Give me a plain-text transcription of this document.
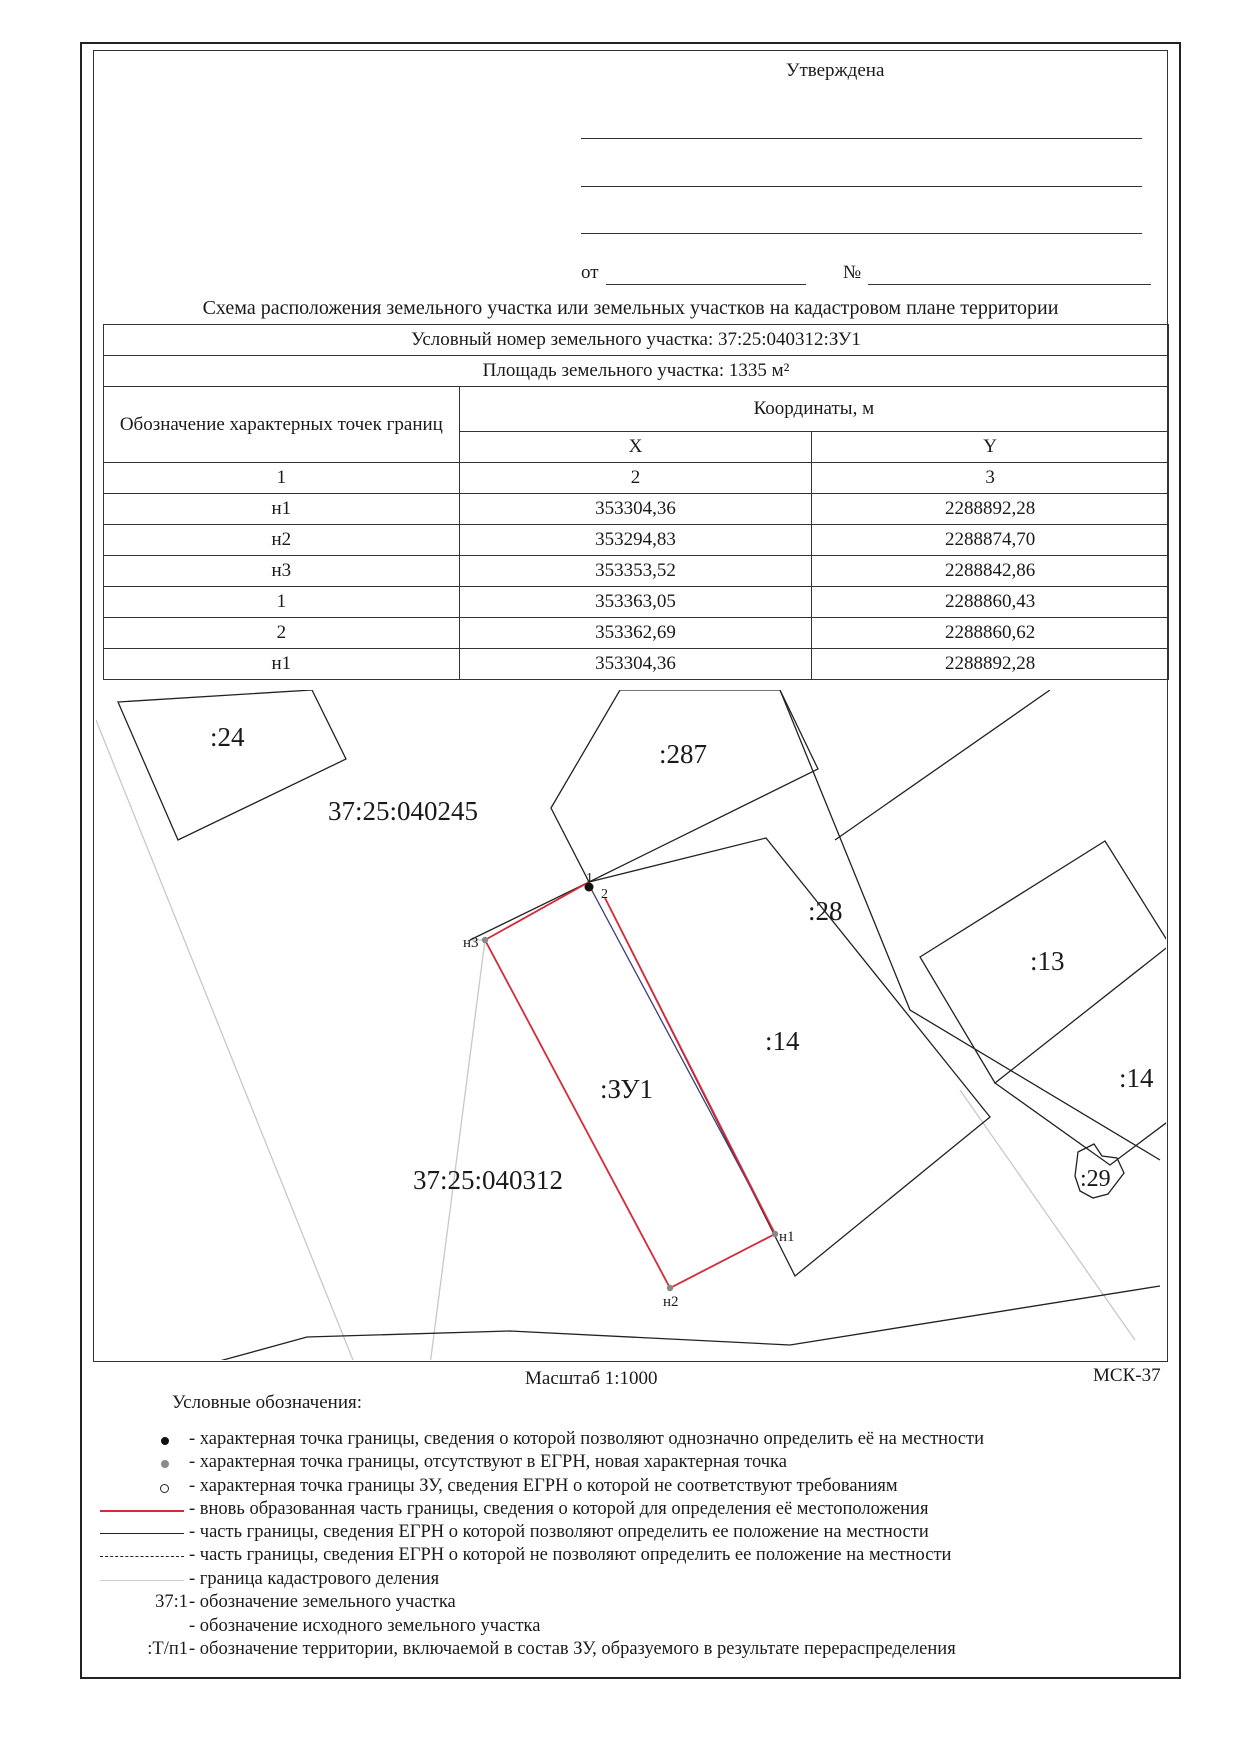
Утверждена
от	№
Схема расположения земельного участка или земельных участков на кадастровом плане территории
Условный номер земельного участка: 37:25:040312:ЗУ1		
Площадь земельного участка: 1335 м²		
Обозначение характерных точек границ	Координаты, м	
	X	Y
1	2	3
н1	353304,36	2288892,28
н2	353294,83	2288874,70
н3	353353,52	2288842,86
1	353363,05	2288860,43
2	353362,69	2288860,62
н1	353304,36	2288892,28
:24
:287
37:25:040245
:28
:13
:14
:14
:ЗУ1
37:25:040312	:29
1
2
н1
н2
н3
Масштаб 1:1000	МСК-37
Условные обозначения:
- характерная точка границы, сведения о которой позволяют однозначно определить её на местности
- характерная точка границы, отсутствуют в ЕГРН, новая характерная точка
- характерная точка границы ЗУ, сведения ЕГРН о которой не соответствуют требованиям
- вновь образованная часть границы, сведения о которой для определения её местоположения
- часть границы, сведения ЕГРН о которой позволяют определить ее положение на местности
- часть границы, сведения ЕГРН о которой не позволяют определить ее положение на местности
- граница кадастрового деления
37:1 - обозначение земельного участка
- обозначение исходного земельного участка
:Т/п1 - обозначение территории, включаемой в состав ЗУ, образуемого в результате перераспределения
